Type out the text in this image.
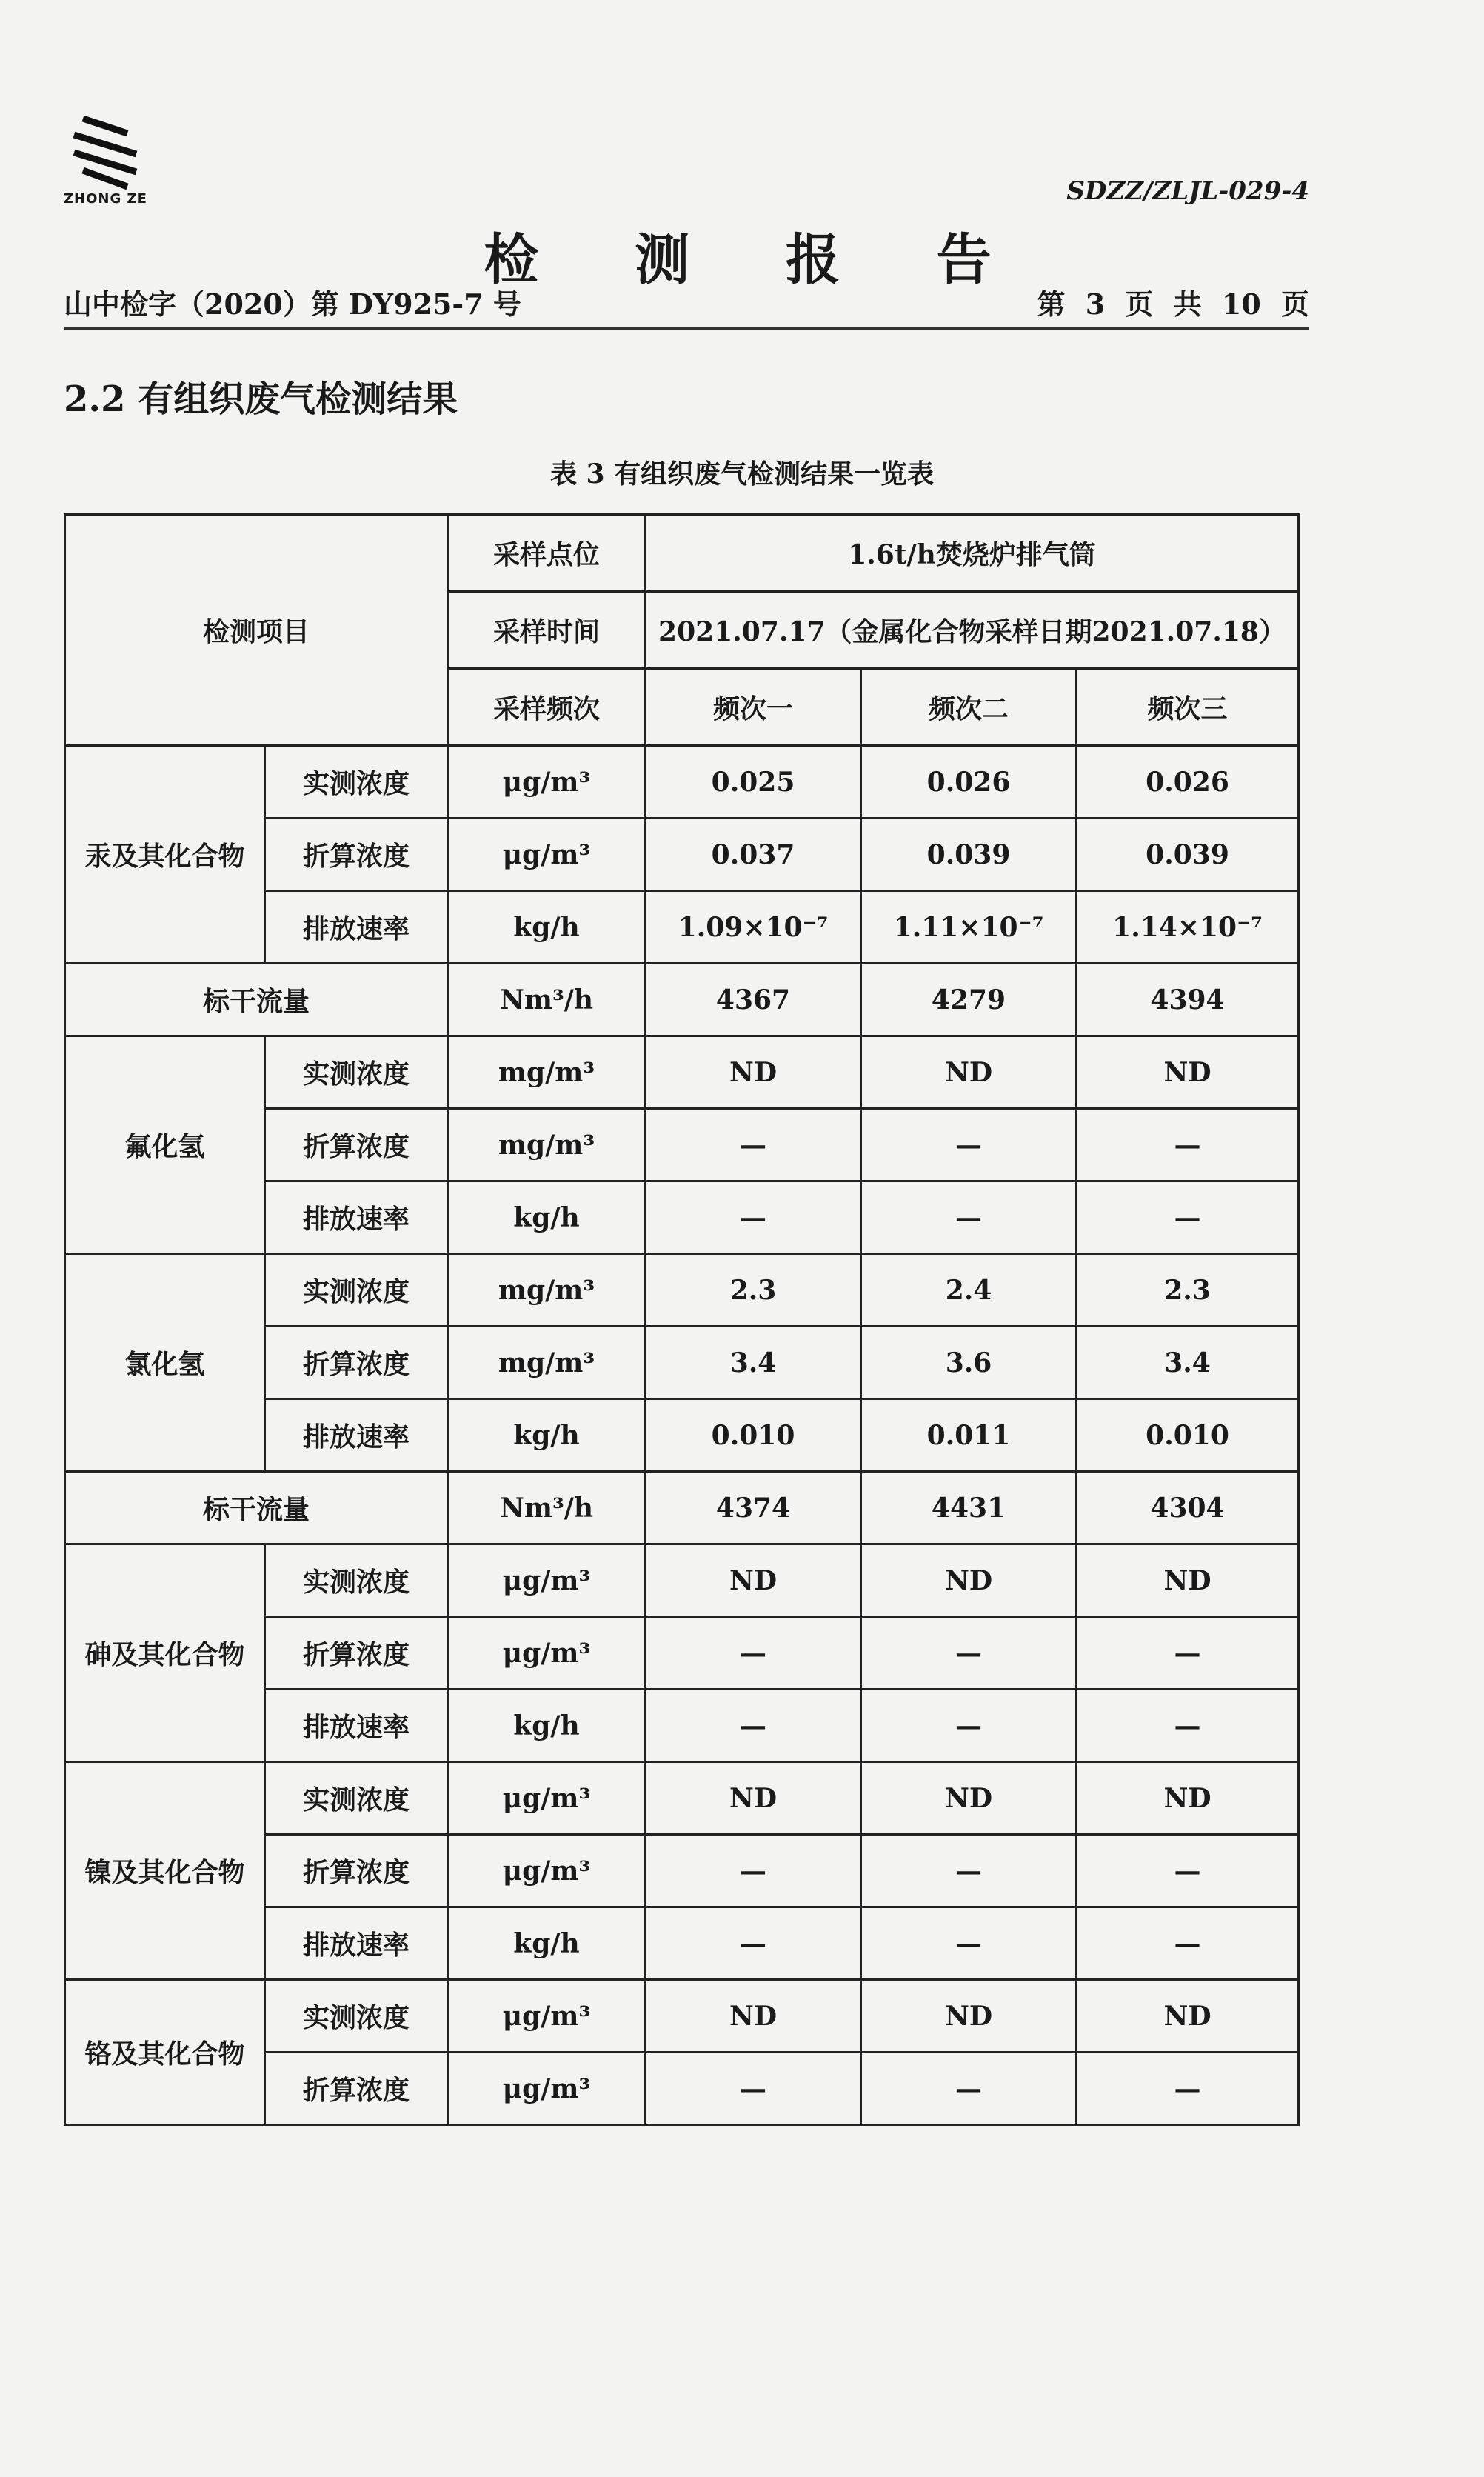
ZHONG ZE	SDZZ/ZLJL-029-4
检 测 报 告
山中检字（2020）第 DY925-7 号	第 3 页 共 10 页
2.2 有组织废气检测结果
表 3 有组织废气检测结果一览表
检测项目		采样点位	1.6t/h焚烧炉排气筒		
		采样时间	2021.07.17（金属化合物采样日期2021.07.18）		
		采样频次	频次一	频次二	频次三
汞及其化合物	实测浓度	μg/m³	0.025	0.026	0.026
	折算浓度	μg/m³	0.037	0.039	0.039
	排放速率	kg/h	1.09×10⁻⁷	1.11×10⁻⁷	1.14×10⁻⁷
标干流量		Nm³/h	4367	4279	4394
氟化氢	实测浓度	mg/m³	ND	ND	ND
	折算浓度	mg/m³	—	—	—
	排放速率	kg/h	—	—	—
氯化氢	实测浓度	mg/m³	2.3	2.4	2.3
	折算浓度	mg/m³	3.4	3.6	3.4
	排放速率	kg/h	0.010	0.011	0.010
标干流量		Nm³/h	4374	4431	4304
砷及其化合物	实测浓度	μg/m³	ND	ND	ND
	折算浓度	μg/m³	—	—	—
	排放速率	kg/h	—	—	—
镍及其化合物	实测浓度	μg/m³	ND	ND	ND
	折算浓度	μg/m³	—	—	—
	排放速率	kg/h	—	—	—
铬及其化合物	实测浓度	μg/m³	ND	ND	ND
	折算浓度	μg/m³	—	—	—
